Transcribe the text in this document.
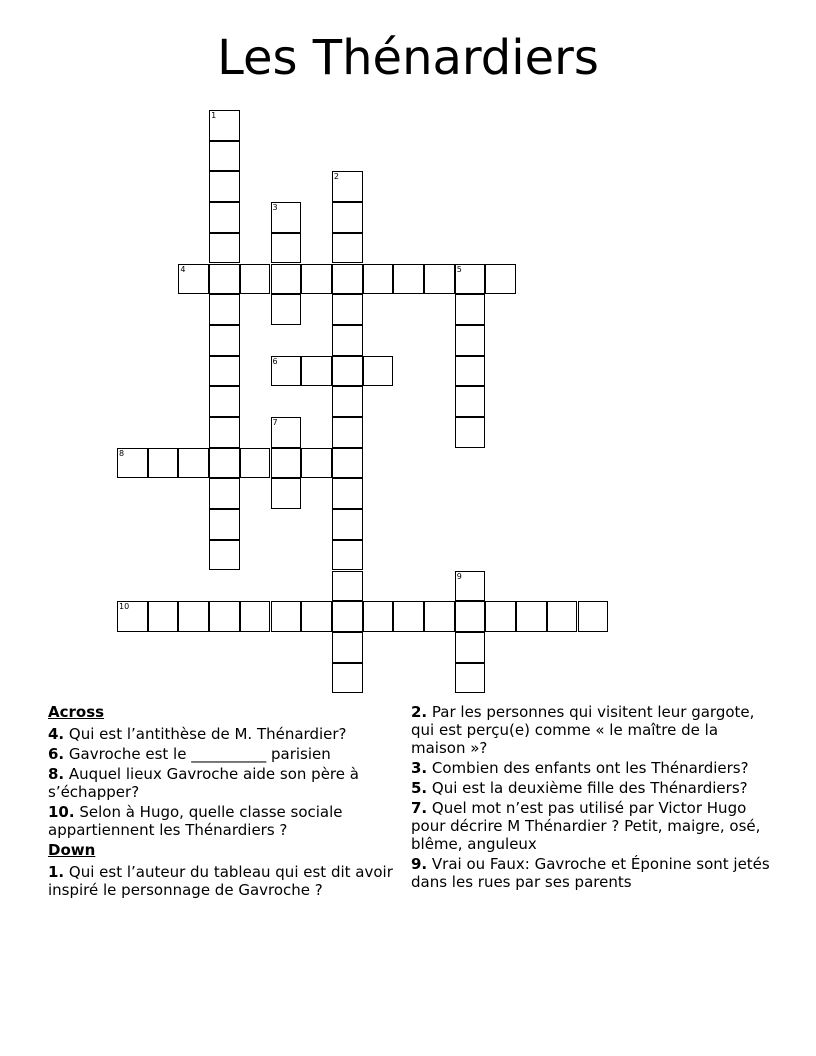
Les Thénardiers
1
2
3
4	5
6
7
8
9
10
Across
4. Qui est l’antithèse de M. Thénardier?
6. Gavroche est le __________ parisien
8. Auquel lieux Gavroche aide son père à s’échapper?
10. Selon à Hugo, quelle classe sociale appartiennent les Thénardiers ?
Down
1. Qui est l’auteur du tableau qui est dit avoir inspiré le personnage de Gavroche ?
2. Par les personnes qui visitent leur gargote, qui est perçu(e) comme « le maître de la maison »?
3. Combien des enfants ont les Thénardiers?
5. Qui est la deuxième fille des Thénardiers?
7. Quel mot n’est pas utilisé par Victor Hugo pour décrire M Thénardier ? Petit, maigre, osé, blême, anguleux
9. Vrai ou Faux: Gavroche et Éponine sont jetés dans les rues par ses parents
